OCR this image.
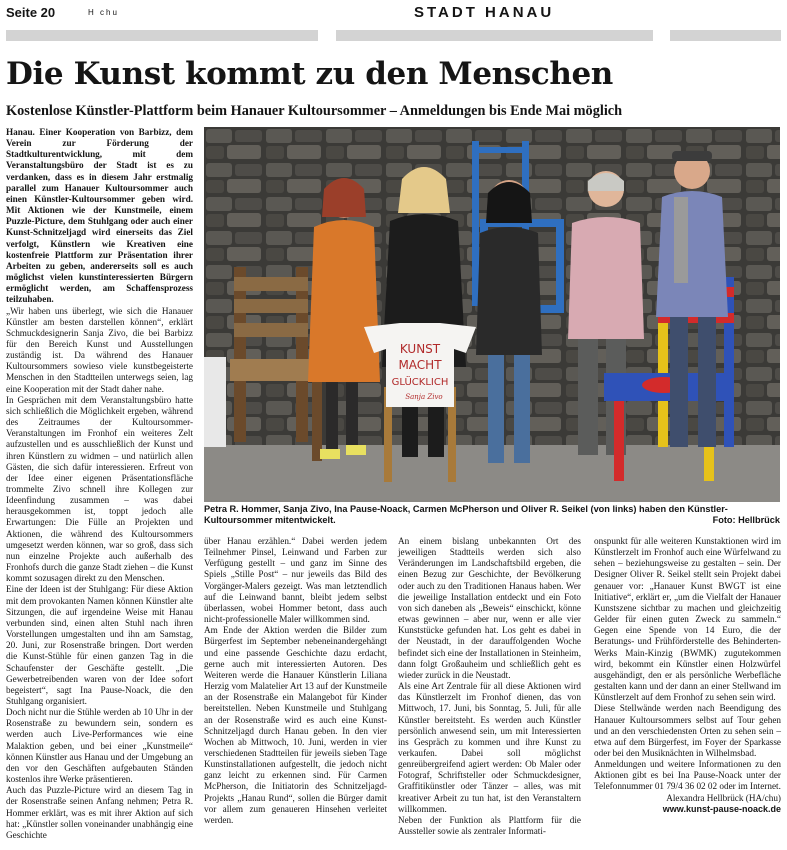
Seite 20	H chu	STADT HANAU
Die Kunst kommt zu den Menschen
Kostenlose Künstler-Plattform beim Hanauer Kultoursommer – Anmeldungen bis Ende Mai möglich

Hanau. Einer Kooperation von Barbizz, dem Verein zur Förderung der Stadtkulturentwicklung, mit dem Veranstaltungsbüro der Stadt ist es zu verdanken, dass es in diesem Jahr erstmalig parallel zum Hanauer Kultoursommer auch einen Künstler-Kultoursommer geben wird. Mit Aktionen wie der Kunstmeile, einem Puzzle-Picture, dem Stuhlgang oder auch einer Kunst-Schnitzeljagd wird einerseits das Ziel verfolgt, Künstlern wie Kreativen eine kostenfreie Plattform zur Präsentation ihrer Arbeiten zu geben, andererseits soll es auch möglichst vielen kunstinteressierten Bürgern ermöglicht werden, am Schaffensprozess teilzuhaben.

„Wir haben uns überlegt, wie sich die Hanauer Künstler am besten darstellen können“, erklärt Schmuckdesignerin Sanja Zivo, die bei Barbizz für den Bereich Kunst und Ausstellungen zuständig ist. Da während des Hanauer Kultoursommers sowieso viele kunstbegeisterte Menschen in den Stadtteilen unterwegs seien, lag eine Kooperation mit der Stadt daher nahe.

In Gesprächen mit dem Veranstaltungsbüro hatte sich schließlich die Möglichkeit ergeben, während des Zeitraumes der Kultoursommer-Veranstaltungen im Fronhof ein weiteres Zelt aufzustellen und es ausschließlich der Kunst und ihren Künstlern zu widmen – und natürlich allen Gästen, die sich dafür interessieren. Erfreut von der Idee einer eigenen Präsentationsfläche trommelte Zivo schnell ihre Kollegen zur Ideenfindung zusammen – was dabei herausgekommen ist, toppt jedoch alle Erwartungen: Die Fülle an Projekten und Aktionen, die während des Kultoursommers umgesetzt werden können, war so groß, dass sich nun einzelne Projekte auch außerhalb des Fronhofs durch die ganze Stadt ziehen – die Kunst kommt sozusagen direkt zu den Menschen.

Eine der Ideen ist der Stuhlgang: Für diese Aktion mit dem provokanten Namen können Künstler alte Sitzungen, die auf irgendeine Weise mit Hanau verbunden sind, einen alten Stuhl nach ihren Vorstellungen umgestalten und ihn am Samstag, 20. Juni, zur Rosenstraße bringen. Dort werden die Kunst-Stühle für einen ganzen Tag in die Schaufenster der Geschäfte gestellt. „Die Gewerbetreibenden waren von der Idee sofort begeistert“, sagt Ina Pause-Noack, die den Stuhlgang organisiert.

Doch nicht nur die Stühle werden ab 10 Uhr in der Rosenstraße zu bewundern sein, sondern es werden auch Live-Performances wie eine Malaktion geben, und bei einer „Kunstmeile“ können Künstler aus Hanau und der Umgebung an den vor den Geschäften aufgebauten Ständen kostenlos ihre Werke präsentieren.

Auch das Puzzle-Picture wird an diesem Tag in der Rosenstraße seinen Anfang nehmen; Petra R. Hommer erklärt, was es mit ihrer Aktion auf sich hat: „Künstler sollen voneinander unabhängig eine Geschichte

KUNST
MACHT
GLÜCKLICH
Sanja Zivo
Petra R. Hommer, Sanja Zivo, Ina Pause-Noack, Carmen McPherson und Oliver R. Seikel (von links) haben den Künstler-Kultoursommer mitentwickelt.	Foto: Hellbrück

über Hanau erzählen.“ Dabei werden jedem Teilnehmer Pinsel, Leinwand und Farben zur Verfügung gestellt – und ganz im Sinne des Spiels „Stille Post“ – nur jeweils das Bild des Vorgänger-Malers gezeigt. Was man letztendlich auf die Leinwand bannt, bleibt jedem selbst überlassen, wobei Hommer betont, dass auch nicht-professionelle Maler willkommen sind.

Am Ende der Aktion werden die Bilder zum Bürgerfest im September nebeneinandergehängt und eine passende Geschichte dazu erdacht, gerne auch mit interessierten Autoren. Des Weiteren werde die Hanauer Künstlerin Liliana Herzig vom Malatelier Art 13 auf der Kunstmeile an der Rosenstraße ein Malangebot für Kinder bereitstellen. Neben Kunstmeile und Stuhlgang an der Rosenstraße wird es auch eine Kunst-Schnitzeljagd durch Hanau geben. In den vier Wochen ab Mittwoch, 10. Juni, werden in vier verschiedenen Stadtteilen für jeweils sieben Tage Kunstinstallationen aufgestellt, die jedoch nicht ganz leicht zu erkennen sind. Für Carmen McPherson, die Initiatorin des Schnitzeljagd-Projekts „Hanau Rund“, sollen die Bürger damit vor allem zum genaueren Hinsehen verleitet werden.

An einem bislang unbekannten Ort des jeweiligen Stadtteils werden sich also Veränderungen im Landschaftsbild ergeben, die einen Bezug zur Geschichte, der Bevölkerung oder auch zu den Traditionen Hanaus haben. Wer die jeweilige Installation entdeckt und ein Foto von sich daneben als „Beweis“ einschickt, könne etwas gewinnen – aber nur, wenn er alle vier Kunststücke gefunden hat. Los geht es dabei in der Neustadt, in der darauffolgenden Woche befindet sich eine der Installationen in Steinheim, dann folgt Großauheim und schließlich geht es wieder zurück in die Neustadt.

Als eine Art Zentrale für all diese Aktionen wird das Künstlerzelt im Fronhof dienen, das von Mittwoch, 17. Juni, bis Sonntag, 5. Juli, für alle Künstler bereitsteht. Es werden auch Künstler persönlich anwesend sein, um mit Interessierten ins Gespräch zu kommen und ihre Kunst zu verkaufen. Dabei soll möglichst genreübergreifend agiert werden: Ob Maler oder Fotograf, Schriftsteller oder Schmuckdesigner, Graffitikünstler oder Tänzer – alles, was mit kreativer Arbeit zu tun hat, ist den Veranstaltern willkommen.

Neben der Funktion als Plattform für die Aussteller sowie als zentraler Informati-

onspunkt für alle weiteren Kunstaktionen wird im Künstlerzelt im Fronhof auch eine Würfelwand zu sehen – beziehungsweise zu gestalten – sein. Der Designer Oliver R. Seikel stellt sein Projekt dabei genauer vor: „Hanauer Kunst BWGT ist eine Initiative“, erklärt er, „um die Vielfalt der Hanauer Kunstszene sichtbar zu machen und gleichzeitig Gelder für einen guten Zweck zu sammeln.“ Gegen eine Spende von 14 Euro, die der Beratungs- und Frühförderstelle des Behinderten-Werks Main-Kinzig (BWMK) zugutekommen wird, bekommt ein Künstler einen Holzwürfel ausgehändigt, den er als persönliche Werbefläche gestalten kann und der dann an einer Stellwand im Künstlerzelt auf dem Fronhof zu sehen sein wird.

Diese Stellwände werden nach Beendigung des Hanauer Kultoursommers selbst auf Tour gehen und an den verschiedensten Orten zu sehen sein – etwa auf dem Bürgerfest, im Foyer der Sparkasse oder bei den Musiknächten in Wilhelmsbad.

Anmeldungen und weitere Informationen zu den Aktionen gibt es bei Ina Pause-Noack unter der Telefonnummer 01 79/4 36 02 02 oder im Internet.

Alexandra Hellbrück (HA/chu)

www.kunst-pause-noack.de
